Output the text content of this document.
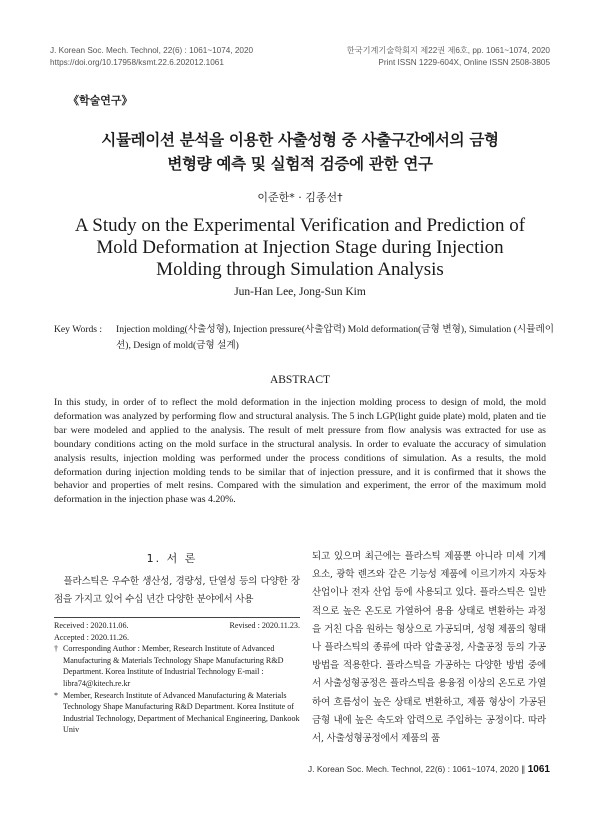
J. Korean Soc. Mech. Technol, 22(6) : 1061~1074, 2020
https://doi.org/10.17958/ksmt.22.6.202012.1061
한국기계기술학회지 제22권 제6호, pp. 1061~1074, 2020
Print ISSN 1229-604X, Online ISSN 2508-3805
《학술연구》
시뮬레이션 분석을 이용한 사출성형 중 사출구간에서의 금형
변형량 예측 및 실험적 검증에 관한 연구
이준한* · 김종선†
A Study on the Experimental Verification and Prediction of
Mold Deformation at Injection Stage during Injection
Molding through Simulation Analysis
Jun-Han Lee, Jong-Sun Kim
Key Words : Injection molding(사출성형), Injection pressure(사출압력) Mold deformation(금형 변형), Simulation (시뮬레이션), Design of mold(금형 설계)
ABSTRACT
In this study, in order of to reflect the mold deformation in the injection molding process to design of mold, the mold deformation was analyzed by performing flow and structural analysis. The 5 inch LGP(light guide plate) mold, platen and tie bar were modeled and applied to the analysis. The result of melt pressure from flow analysis was extracted for use as boundary conditions acting on the mold surface in the structural analysis. In order to evaluate the accuracy of simulation analysis results, injection molding was performed under the process conditions of simulation. As a results, the mold deformation during injection molding tends to be similar that of injection pressure, and it is confirmed that it shows the behavior and properties of melt resins. Compared with the simulation and experiment, the error of the maximum mold deformation in the injection phase was 4.20%.
1. 서 론

플라스틱은 우수한 생산성, 경량성, 단열성 등의 다양한 장점을 가지고 있어 수십 년간 다양한 분야에서 사용

Received : 2020.11.06.	Revised : 2020.11.23.
Accepted : 2020.11.26.
† Corresponding Author : Member, Research Institute of Advanced Manufacturing & Materials Technology Shape Manufacturing R&D Department. Korea Institute of Industrial Technology E-mail : libra74@kitech.re.kr
* Member, Research Institute of Advanced Manufacturing & Materials Technology Shape Manufacturing R&D Department. Korea Institute of Industrial Technology, Department of Mechanical Engineering, Dankook Univ

되고 있으며 최근에는 플라스틱 제품뿐 아니라 미세 기계요소, 광학 렌즈와 같은 기능성 제품에 이르기까지 자동차 산업이나 전자 산업 등에 사용되고 있다. 플라스틱은 일반적으로 높은 온도로 가열하여 용융 상태로 변환하는 과정을 거친 다음 원하는 형상으로 가공되며, 성형 제품의 형태나 플라스틱의 종류에 따라 압출공정, 사출공정 등의 가공방법을 적용한다. 플라스틱을 가공하는 다양한 방법 중에서 사출성형공정은 플라스틱을 용융점 이상의 온도로 가열하여 흐름성이 높은 상태로 변환하고, 제품 형상이 가공된 금형 내에 높은 속도와 압력으로 주입하는 공정이다. 따라서, 사출성형공정에서 제품의 품

J. Korean Soc. Mech. Technol, 22(6) : 1061~1074, 2020 ∥ 1061
